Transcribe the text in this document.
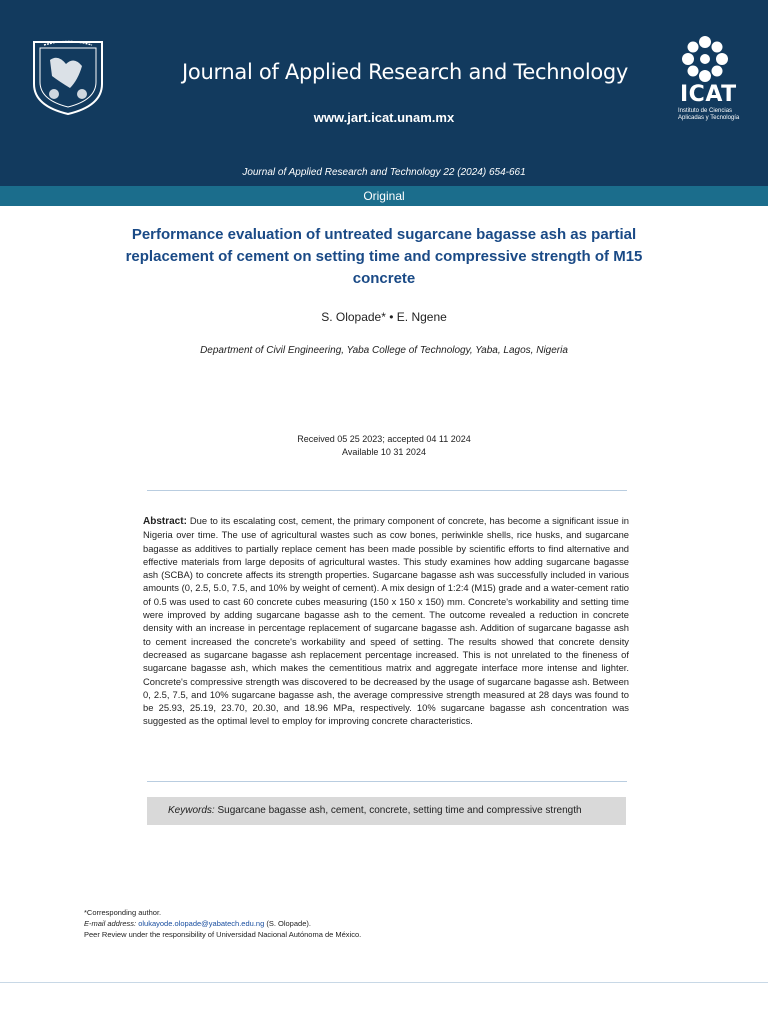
Journal of Applied Research and Technology
www.jart.icat.unam.mx
Journal of Applied Research and Technology 22 (2024) 654-661
ICAT
Instituto de Ciencias Aplicadas y Tecnología
Original
Performance evaluation of untreated sugarcane bagasse ash as partial replacement of cement on setting time and compressive strength of M15 concrete
S. Olopade* • E. Ngene
Department of Civil Engineering, Yaba College of Technology, Yaba, Lagos, Nigeria
Received 05 25 2023; accepted 04 11 2024
Available 10 31 2024
Abstract: Due to its escalating cost, cement, the primary component of concrete, has become a significant issue in Nigeria over time. The use of agricultural wastes such as cow bones, periwinkle shells, rice husks, and sugarcane bagasse as additives to partially replace cement has been made possible by scientific efforts to find alternative and effective materials from large deposits of agricultural wastes. This study examines how adding sugarcane bagasse ash (SCBA) to concrete affects its strength properties. Sugarcane bagasse ash was successfully included in various amounts (0, 2.5, 5.0, 7.5, and 10% by weight of cement). A mix design of 1:2:4 (M15) grade and a water-cement ratio of 0.5 was used to cast 60 concrete cubes measuring (150 x 150 x 150) mm. Concrete's workability and setting time were improved by adding sugarcane bagasse ash to the cement. The outcome revealed a reduction in concrete density with an increase in percentage replacement of sugarcane bagasse ash. Addition of sugarcane bagasse ash to cement increased the concrete's workability and speed of setting. The results showed that concrete density decreased as sugarcane bagasse ash replacement percentage increased. This is not unrelated to the fineness of sugarcane bagasse ash, which makes the cementitious matrix and aggregate interface more intense and lighter. Concrete's compressive strength was discovered to be decreased by the usage of sugarcane bagasse ash. Between 0, 2.5, 7.5, and 10% sugarcane bagasse ash, the average compressive strength measured at 28 days was found to be 25.93, 25.19, 23.70, 20.30, and 18.96 MPa, respectively. 10% sugarcane bagasse ash concentration was suggested as the optimal level to employ for improving concrete characteristics.
Keywords: Sugarcane bagasse ash, cement, concrete, setting time and compressive strength
*Corresponding author.
E-mail address: olukayode.olopade@yabatech.edu.ng (S. Olopade).
Peer Review under the responsibility of Universidad Nacional Autónoma de México.
